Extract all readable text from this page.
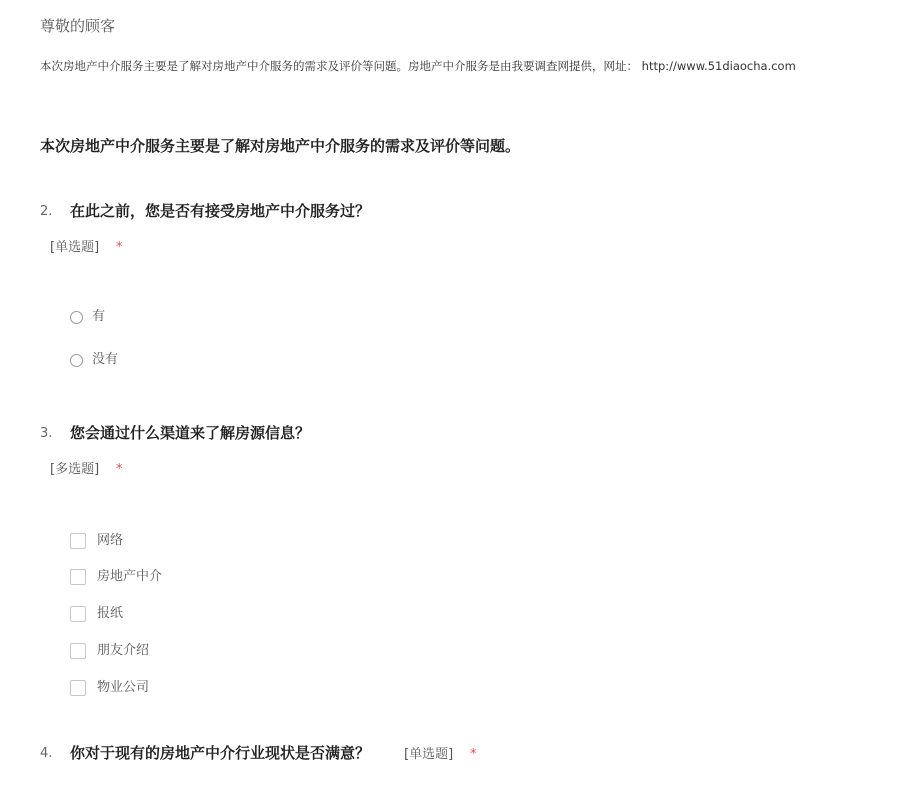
尊敬的顾客
本次房地产中介服务主要是了解对房地产中介服务的需求及评价等问题。房地产中介服务是由我要调查网提供，网址： http://www.51diaocha.com
本次房地产中介服务主要是了解对房地产中介服务的需求及评价等问题。
2. 在此之前，您是否有接受房地产中介服务过？
[单选题] *
有
没有
3. 您会通过什么渠道来了解房源信息？
[多选题] *
网络
房地产中介
报纸
朋友介绍
物业公司
4. 你对于现有的房地产中介行业现状是否满意？	[单选题] *
